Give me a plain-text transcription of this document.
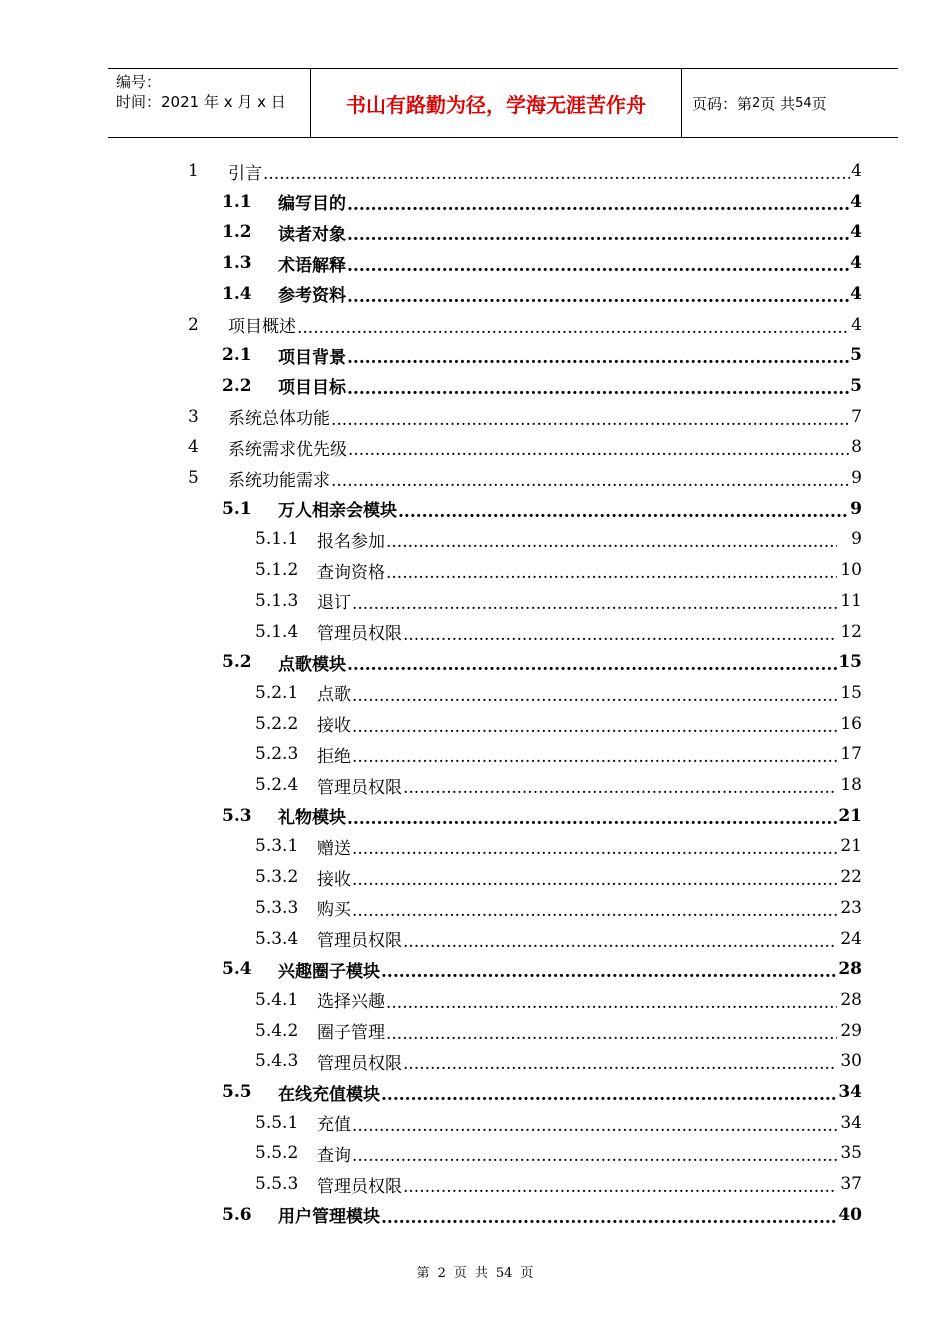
编号：
时间：2021 年 x 月 x 日	书山有路勤为径，学海无涯苦作舟	页码：第 2 页 共 54 页
1	引言 .....	4
1.1	编写目的 .....	4
1.2	读者对象 .....	4
1.3	术语解释 .....	4
1.4	参考资料 .....	4
2	项目概述 .....	4
2.1	项目背景 .....	5
2.2	项目目标 .....	5
3	系统总体功能 .....	7
4	系统需求优先级 .....	8
5	系统功能需求 .....	9
5.1	万人相亲会模块 .....	9
5.1.1	报名参加 .....	9
5.1.2	查询资格 .....	10
5.1.3	退订 .....	11
5.1.4	管理员权限 .....	12
5.2	点歌模块 .....	15
5.2.1	点歌 .....	15
5.2.2	接收 .....	16
5.2.3	拒绝 .....	17
5.2.4	管理员权限 .....	18
5.3	礼物模块 .....	21
5.3.1	赠送 .....	21
5.3.2	接收 .....	22
5.3.3	购买 .....	23
5.3.4	管理员权限 .....	24
5.4	兴趣圈子模块 .....	28
5.4.1	选择兴趣 .....	28
5.4.2	圈子管理 .....	29
5.4.3	管理员权限 .....	30
5.5	在线充值模块 .....	34
5.5.1	充值 .....	34
5.5.2	查询 .....	35
5.5.3	管理员权限 .....	37
5.6	用户管理模块 .....	40
第 2 页 共 54 页
